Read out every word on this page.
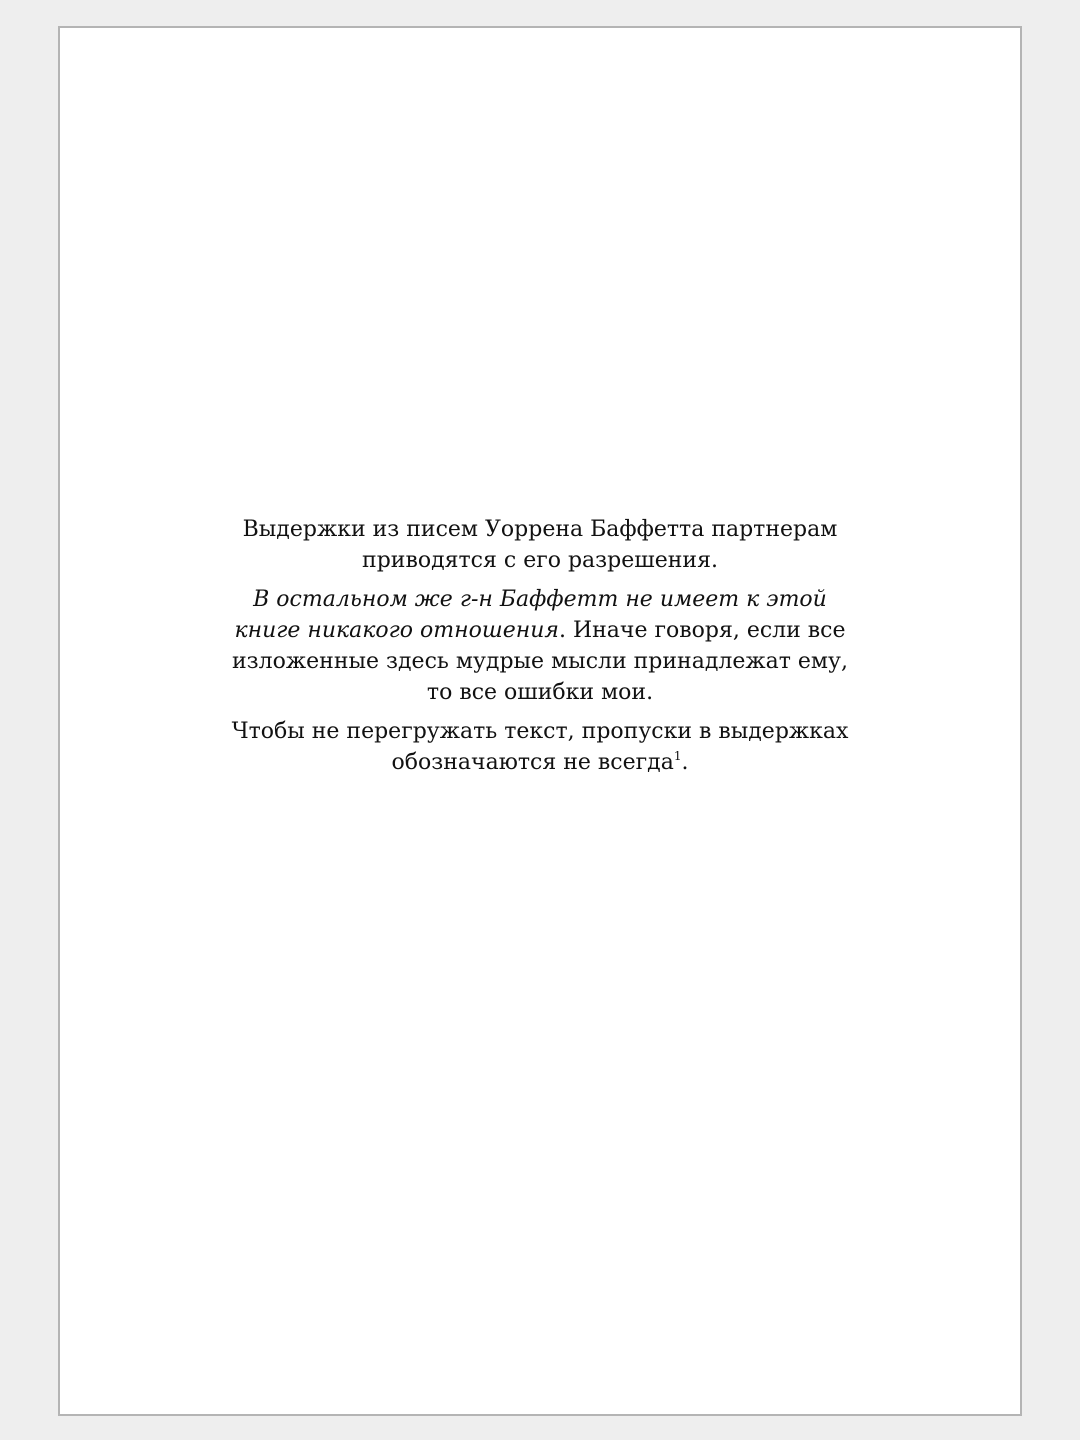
Выдержки из писем Уоррена Баффетта партнерам
приводятся с его разрешения.

В остальном же г-н Баффетт не имеет к этой
книге никакого отношения. Иначе говоря, если все
изложенные здесь мудрые мысли принадлежат ему,
то все ошибки мои.

Чтобы не перегружать текст, пропуски в выдержках
обозначаются не всегда$^1$.
